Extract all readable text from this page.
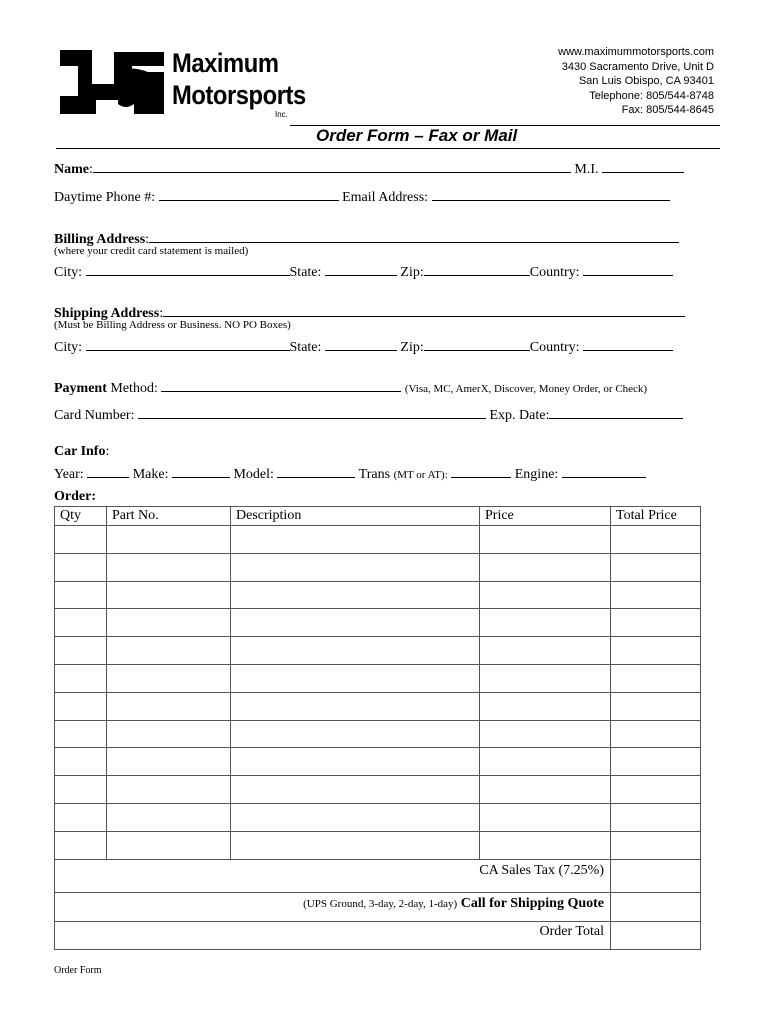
Maximum
Motorsports
Inc.
www.maximummotorsports.com
3430 Sacramento Drive, Unit D
San Luis Obispo, CA 93401
Telephone: 805/544-8748
Fax: 805/544-8645
Order Form – Fax or Mail
Name:	M.I.
Daytime Phone #:	Email Address:
Billing Address:
(where your credit card statement is mailed)
City:	State:	Zip:	Country:
Shipping Address:
(Must be Billing Address or Business. NO PO Boxes)
City:	State:	Zip:	Country:
Payment Method:	(Visa, MC, AmerX, Discover, Money Order, or Check)
Card Number:	Exp. Date:
Car Info:
Year:	Make:	Model:	Trans (MT or AT):	Engine:
Order:
Qty	Part No.	Description	Price	Total Price

CA Sales Tax (7.25%)				
(UPS Ground, 3-day, 2-day, 1-day) Call for Shipping Quote				
Order Total				
Order Form
